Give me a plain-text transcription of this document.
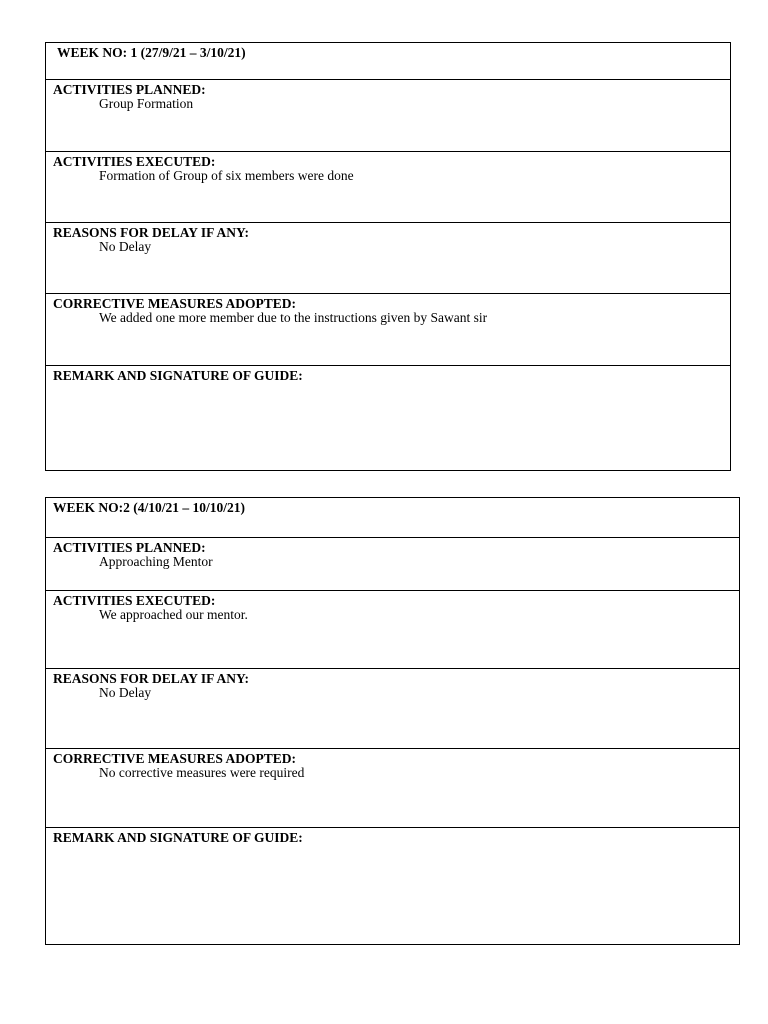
WEEK NO: 1 (27/9/21 – 3/10/21)
ACTIVITIES PLANNED:
Group Formation
ACTIVITIES EXECUTED:
Formation of Group of six members were done
REASONS FOR DELAY IF ANY:
No Delay
CORRECTIVE MEASURES ADOPTED:
We added one more member due to the instructions given by Sawant sir
REMARK AND SIGNATURE OF GUIDE:
WEEK NO:2 (4/10/21 – 10/10/21)
ACTIVITIES PLANNED:
Approaching Mentor
ACTIVITIES EXECUTED:
We approached our mentor.
REASONS FOR DELAY IF ANY:
No Delay
CORRECTIVE MEASURES ADOPTED:
No corrective measures were required
REMARK AND SIGNATURE OF GUIDE:
